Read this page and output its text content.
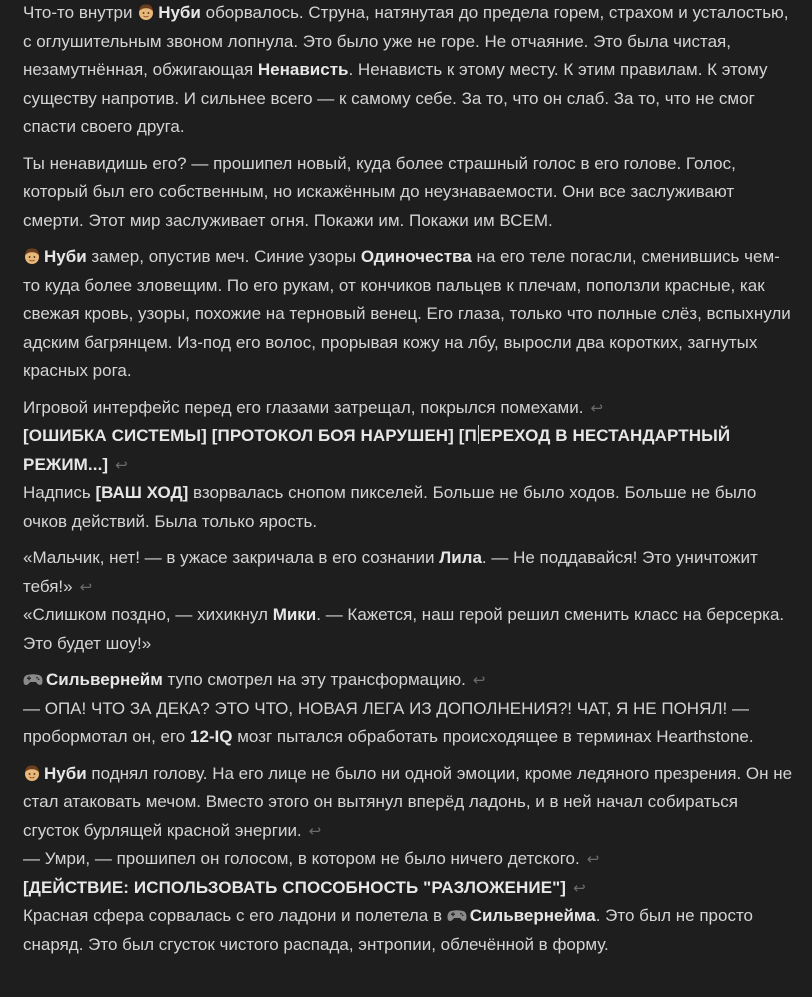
Что-то внутри Нуби оборвалось. Струна, натянутая до предела горем, страхом и усталостью, с оглушительным звоном лопнула. Это было уже не горе. Не отчаяние. Это была чистая, незамутнённая, обжигающая Ненависть. Ненависть к этому месту. К этим правилам. К этому существу напротив. И сильнее всего — к самому себе. За то, что он слаб. За то, что не смог спасти своего друга.

Ты ненавидишь его? — прошипел новый, куда более страшный голос в его голове. Голос, который был его собственным, но искажённым до неузнаваемости. Они все заслуживают смерти. Этот мир заслуживает огня. Покажи им. Покажи им ВСЕМ.

Нуби замер, опустив меч. Синие узоры Одиночества на его теле погасли, сменившись чем-то куда более зловещим. По его рукам, от кончиков пальцев к плечам, поползли красные, как свежая кровь, узоры, похожие на терновый венец. Его глаза, только что полные слёз, вспыхнули адским багрянцем. Из-под его волос, прорывая кожу на лбу, выросли два коротких, загнутых красных рога.

Игровой интерфейс перед его глазами затрещал, покрылся помехами. ↩
[ОШИБКА СИСТЕМЫ] [ПРОТОКОЛ БОЯ НАРУШЕН] [П ЕРЕХОД В НЕСТАНДАРТНЫЙ РЕЖИМ...] ↩
Надпись [ВАШ ХОД] взорвалась снопом пикселей. Больше не было ходов. Больше не было очков действий. Была только ярость.
«Мальчик, нет! — в ужасе закричала в его сознании Лила. — Не поддавайся! Это уничтожит тебя!» ↩
«Слишком поздно, — хихикнул Мики. — Кажется, наш герой решил сменить класс на берсерка. Это будет шоу!»
Сильвернейм тупо смотрел на эту трансформацию. ↩
— ОПА! ЧТО ЗА ДЕКА? ЭТО ЧТО, НОВАЯ ЛЕГА ИЗ ДОПОЛНЕНИЯ?! ЧАТ, Я НЕ ПОНЯЛ! — пробормотал он, его 12-IQ мозг пытался обработать происходящее в терминах Hearthstone.
Нуби поднял голову. На его лице не было ни одной эмоции, кроме ледяного презрения. Он не стал атаковать мечом. Вместо этого он вытянул вперёд ладонь, и в ней начал собираться сгусток бурлящей красной энергии. ↩
— Умри, — прошипел он голосом, в котором не было ничего детского. ↩
[ДЕЙСТВИЕ: ИСПОЛЬЗОВАТЬ СПОСОБНОСТЬ "РАЗЛОЖЕНИЕ"] ↩
Красная сфера сорвалась с его ладони и полетела в Сильвернейма. Это был не просто снаряд. Это был сгусток чистого распада, энтропии, облечённой в форму.
